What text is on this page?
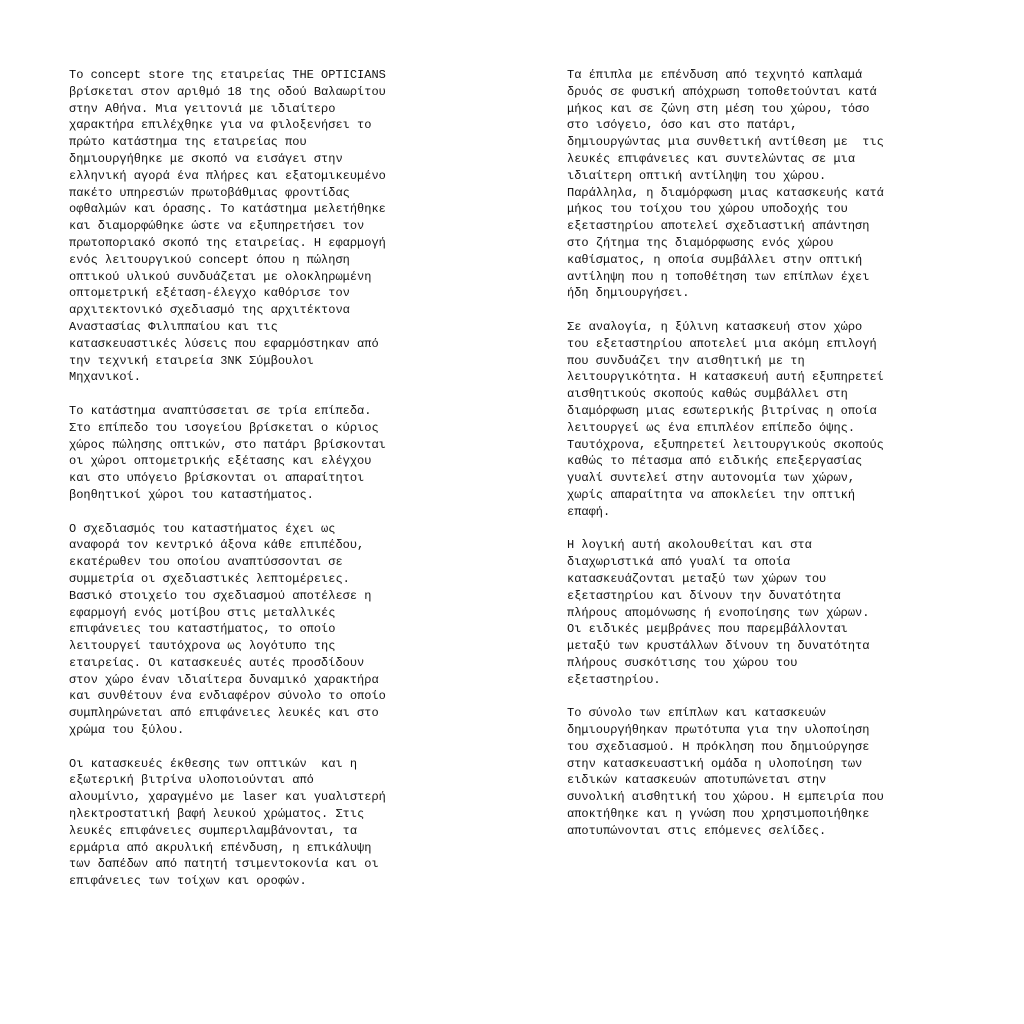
Το concept store της εταιρείας THE OPTICIANS
βρίσκεται στον αριθμό 18 της οδού Βαλαωρίτου
στην Αθήνα. Μια γειτονιά με ιδιαίτερο
χαρακτήρα επιλέχθηκε για να φιλοξενήσει το
πρώτο κατάστημα της εταιρείας που
δημιουργήθηκε με σκοπό να εισάγει στην
ελληνική αγορά ένα πλήρες και εξατομικευμένο
πακέτο υπηρεσιών πρωτοβάθμιας φροντίδας
οφθαλμών και όρασης. Το κατάστημα μελετήθηκε
και διαμορφώθηκε ώστε να εξυπηρετήσει τον
πρωτοποριακό σκοπό της εταιρείας. Η εφαρμογή
ενός λειτουργικού concept όπου η πώληση
οπτικού υλικού συνδυάζεται με ολοκληρωμένη
οπτομετρική εξέταση-έλεγχο καθόρισε τον
αρχιτεκτονικό σχεδιασμό της αρχιτέκτονα
Αναστασίας Φιλιππαίου και τις
κατασκευαστικές λύσεις που εφαρμόστηκαν από
την τεχνική εταιρεία 3NK Σύμβουλοι
Μηχανικοί.

Το κατάστημα αναπτύσσεται σε τρία επίπεδα.
Στο επίπεδο του ισογείου βρίσκεται ο κύριος
χώρος πώλησης οπτικών, στο πατάρι βρίσκονται
οι χώροι οπτομετρικής εξέτασης και ελέγχου
και στο υπόγειο βρίσκονται οι απαραίτητοι
βοηθητικοί χώροι του καταστήματος.

Ο σχεδιασμός του καταστήματος έχει ως
αναφορά τον κεντρικό άξονα κάθε επιπέδου,
εκατέρωθεν του οποίου αναπτύσσονται σε
συμμετρία οι σχεδιαστικές λεπτομέρειες.
Βασικό στοιχείο του σχεδιασμού αποτέλεσε η
εφαρμογή ενός μοτίβου στις μεταλλικές
επιφάνειες του καταστήματος, το οποίο
λειτουργεί ταυτόχρονα ως λογότυπο της
εταιρείας. Οι κατασκευές αυτές προσδίδουν
στον χώρο έναν ιδιαίτερα δυναμικό χαρακτήρα
και συνθέτουν ένα ενδιαφέρον σύνολο το οποίο
συμπληρώνεται από επιφάνειες λευκές και στο
χρώμα του ξύλου.

Οι κατασκευές έκθεσης των οπτικών  και η
εξωτερική βιτρίνα υλοποιούνται από
αλουμίνιο, χαραγμένο με laser και γυαλιστερή
ηλεκτροστατική βαφή λευκού χρώματος. Στις
λευκές επιφάνειες συμπεριλαμβάνονται, τα
ερμάρια από ακρυλική επένδυση, η επικάλυψη
των δαπέδων από πατητή τσιμεντοκονία και οι
επιφάνειες των τοίχων και οροφών.

Τα έπιπλα με επένδυση από τεχνητό καπλαμά
δρυός σε φυσική απόχρωση τοποθετούνται κατά
μήκος και σε ζώνη στη μέση του χώρου, τόσο
στο ισόγειο, όσο και στο πατάρι,
δημιουργώντας μια συνθετική αντίθεση με  τις
λευκές επιφάνειες και συντελώντας σε μια
ιδιαίτερη οπτική αντίληψη του χώρου.
Παράλληλα, η διαμόρφωση μιας κατασκευής κατά
μήκος του τοίχου του χώρου υποδοχής του
εξεταστηρίου αποτελεί σχεδιαστική απάντηση
στο ζήτημα της διαμόρφωσης ενός χώρου
καθίσματος, η οποία συμβάλλει στην οπτική
αντίληψη που η τοποθέτηση των επίπλων έχει
ήδη δημιουργήσει.

Σε αναλογία, η ξύλινη κατασκευή στον χώρο
του εξεταστηρίου αποτελεί μια ακόμη επιλογή
που συνδυάζει την αισθητική με τη
λειτουργικότητα. Η κατασκευή αυτή εξυπηρετεί
αισθητικούς σκοπούς καθώς συμβάλλει στη
διαμόρφωση μιας εσωτερικής βιτρίνας η οποία
λειτουργεί ως ένα επιπλέον επίπεδο όψης.
Ταυτόχρονα, εξυπηρετεί λειτουργικούς σκοπούς
καθώς το πέτασμα από ειδικής επεξεργασίας
γυαλί συντελεί στην αυτονομία των χώρων,
χωρίς απαραίτητα να αποκλείει την οπτική
επαφή.

Η λογική αυτή ακολουθείται και στα
διαχωριστικά από γυαλί τα οποία
κατασκευάζονται μεταξύ των χώρων του
εξεταστηρίου και δίνουν την δυνατότητα
πλήρους απομόνωσης ή ενοποίησης των χώρων.
Οι ειδικές μεμβράνες που παρεμβάλλονται
μεταξύ των κρυστάλλων δίνουν τη δυνατότητα
πλήρους συσκότισης του χώρου του
εξεταστηρίου.

Το σύνολο των επίπλων και κατασκευών
δημιουργήθηκαν πρωτότυπα για την υλοποίηση
του σχεδιασμού. Η πρόκληση που δημιούργησε
στην κατασκευαστική ομάδα η υλοποίηση των
ειδικών κατασκευών αποτυπώνεται στην
συνολική αισθητική του χώρου. Η εμπειρία που
αποκτήθηκε και η γνώση που χρησιμοποιήθηκε
αποτυπώνονται στις επόμενες σελίδες.
